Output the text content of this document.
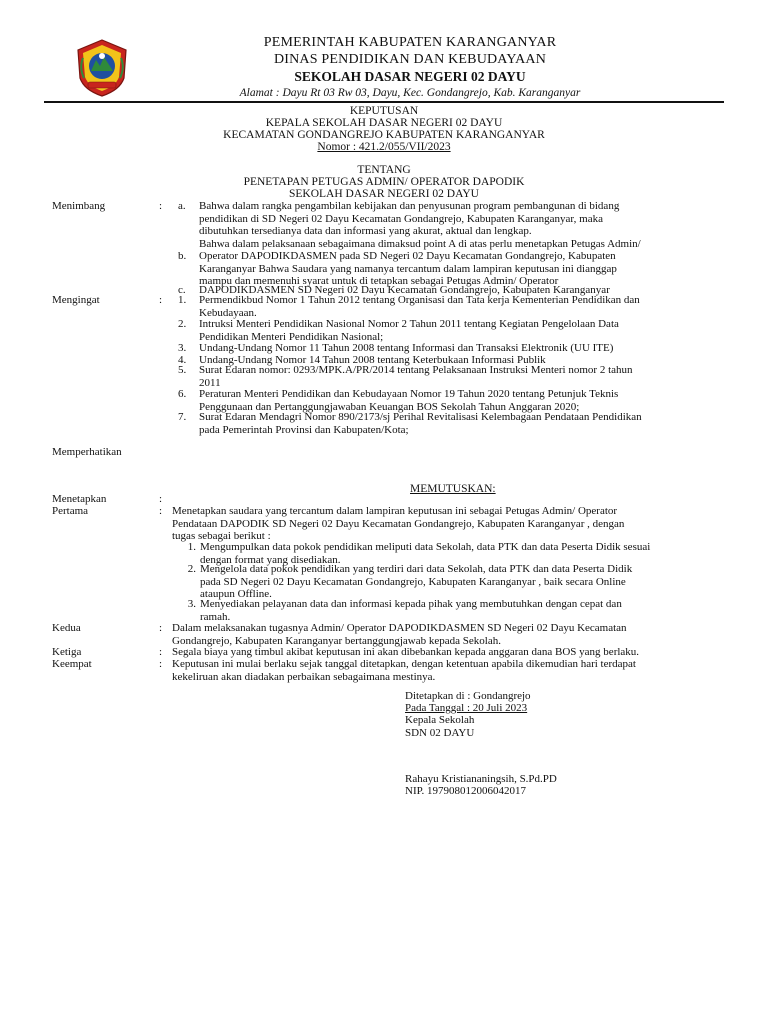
PEMERINTAH KABUPATEN KARANGANYAR
DINAS PENDIDIKAN DAN KEBUDAYAAN
SEKOLAH DASAR NEGERI 02 DAYU
Alamat : Dayu Rt 03 Rw 03, Dayu, Kec. Gondangrejo, Kab. Karanganyar
KEPUTUSAN
KEPALA SEKOLAH DASAR NEGERI 02 DAYU
KECAMATAN GONDANGREJO KABUPATEN KARANGANYAR
Nomor : 421.2/055/VII/2023
TENTANG
PENETAPAN PETUGAS ADMIN/ OPERATOR DAPODIK
SEKOLAH DASAR NEGERI 02 DAYU
Menimbang	:	a.	Bahwa dalam rangka pengambilan kebijakan dan penyusunan program pembangunan di bidang
pendidikan di SD Negeri 02 Dayu Kecamatan Gondangrejo, Kabupaten Karanganyar, maka
dibutuhkan tersedianya data dan informasi yang akurat, aktual dan lengkap.
Bahwa dalam pelaksanaan sebagaimana dimaksud point A di atas perlu menetapkan Petugas Admin/
b.	Operator DAPODIKDASMEN pada SD Negeri 02 Dayu Kecamatan Gondangrejo, Kabupaten
Karanganyar Bahwa Saudara yang namanya tercantum dalam lampiran keputusan ini dianggap
mampu dan memenuhi syarat untuk di tetapkan sebagai Petugas Admin/ Operator
c.	DAPODIKDASMEN SD Negeri 02 Dayu Kecamatan Gondangrejo, Kabupaten Karanganyar
Mengingat	:	1.	Permendikbud Nomor 1 Tahun 2012 tentang Organisasi dan Tata kerja Kementerian Pendidikan dan
Kebudayaan.
2.	Intruksi Menteri Pendidikan Nasional Nomor 2 Tahun 2011 tentang Kegiatan Pengelolaan Data
Pendidikan Menteri Pendidikan Nasional;
3.	Undang-Undang Nomor 11 Tahun 2008 tentang Informasi dan Transaksi Elektronik (UU ITE)
4.	Undang-Undang Nomor 14 Tahun 2008 tentang Keterbukaan Informasi Publik
5.	Surat Edaran nomor: 0293/MPK.A/PR/2014 tentang Pelaksanaan Instruksi Menteri nomor 2 tahun
2011
6.	Peraturan Menteri Pendidikan dan Kebudayaan Nomor 19 Tahun 2020 tentang Petunjuk Teknis
Penggunaan dan Pertanggungjawaban Keuangan BOS Sekolah Tahun Anggaran 2020;
7.	Surat Edaran Mendagri Nomor 890/2173/sj Perihal Revitalisasi Kelembagaan Pendataan Pendidikan
pada Pemerintah Provinsi dan Kabupaten/Kota;
Memperhatikan
MEMUTUSKAN:
Menetapkan	:
Pertama	: Menetapkan saudara yang tercantum dalam lampiran keputusan ini sebagai Petugas Admin/ Operator
Pendataan DAPODIK SD Negeri 02 Dayu Kecamatan Gondangrejo, Kabupaten Karanganyar , dengan
tugas sebagai berikut :
1. Mengumpulkan data pokok pendidikan meliputi data Sekolah, data PTK dan data Peserta Didik sesuai
dengan format yang disediakan.
2. Mengelola data pokok pendidikan yang terdiri dari data Sekolah, data PTK dan data Peserta Didik
pada SD Negeri 02 Dayu Kecamatan Gondangrejo, Kabupaten Karanganyar , baik secara Online
ataupun Offline.
3. Menyediakan pelayanan data dan informasi kepada pihak yang membutuhkan dengan cepat dan
ramah.
Kedua	: Dalam melaksanakan tugasnya Admin/ Operator DAPODIKDASMEN SD Negeri 02 Dayu Kecamatan
Gondangrejo, Kabupaten Karanganyar bertanggungjawab kepada Sekolah.
Ketiga	: Segala biaya yang timbul akibat keputusan ini akan dibebankan kepada anggaran dana BOS yang berlaku.
Keempat	: Keputusan ini mulai berlaku sejak tanggal ditetapkan, dengan ketentuan apabila dikemudian hari terdapat
kekeliruan akan diadakan perbaikan sebagaimana mestinya.
Ditetapkan di : Gondangrejo
Pada Tanggal : 20 Juli 2023
Kepala Sekolah
SDN 02 DAYU
Rahayu Kristiananingsih, S.Pd.PD
NIP. 197908012006042017
